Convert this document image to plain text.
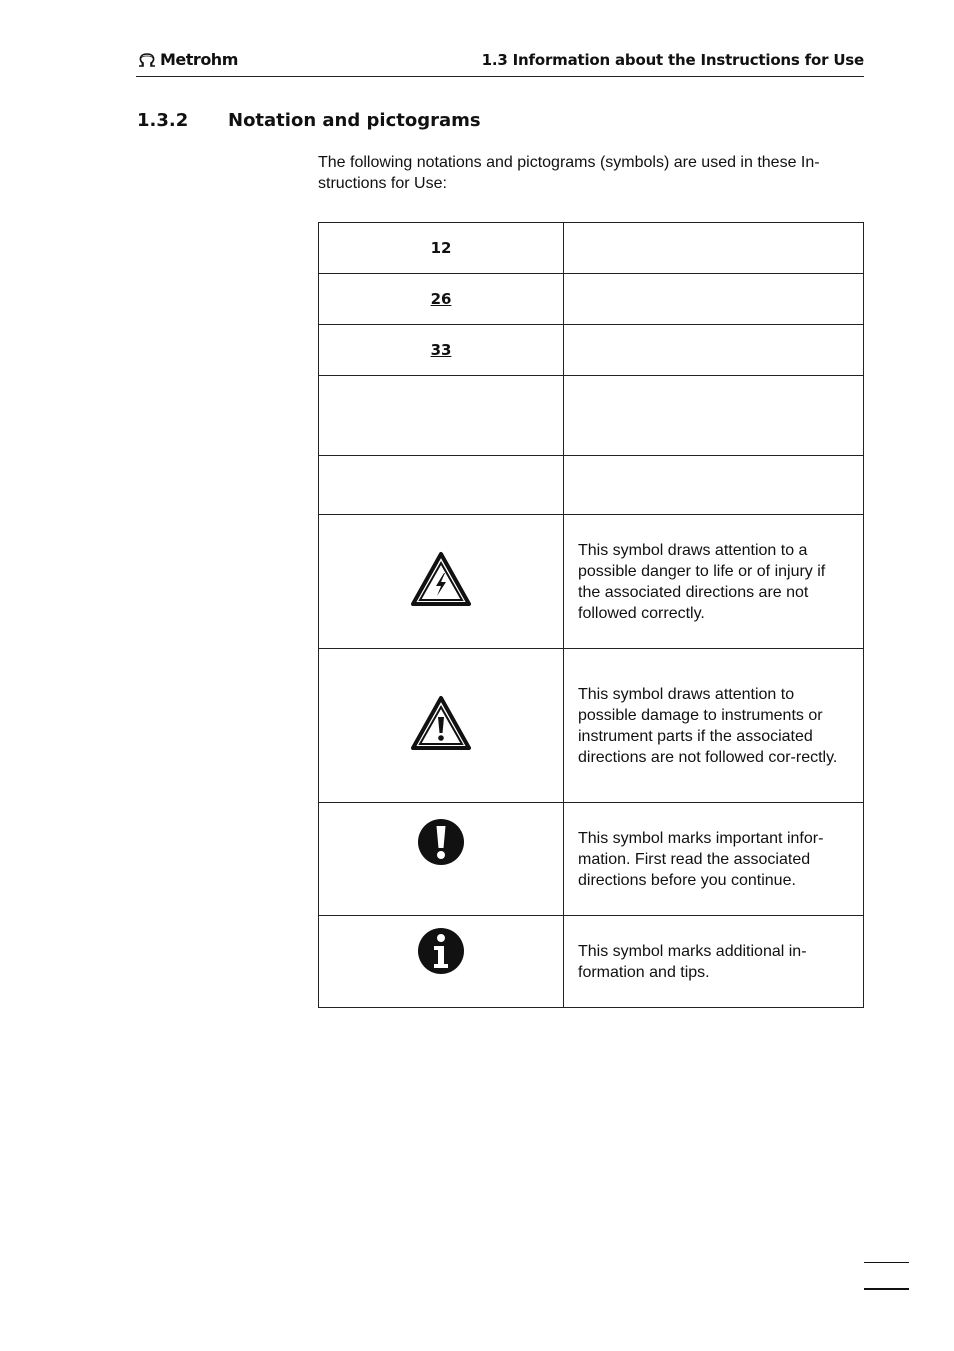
Metrohm	1.3 Information about the Instructions for Use
1.3.2 Notation and pictograms

The following notations and pictograms (symbols) are used in these In-structions for Use:

12	
26	
33	

	This symbol draws attention to a possible danger to life or of injury if the associated directions are not followed correctly.
	This symbol draws attention to possible damage to instruments or instrument parts if the associated directions are not followed cor-rectly.
	This symbol marks important infor-mation. First read the associated directions before you continue.
	This symbol marks additional in-formation and tips.
